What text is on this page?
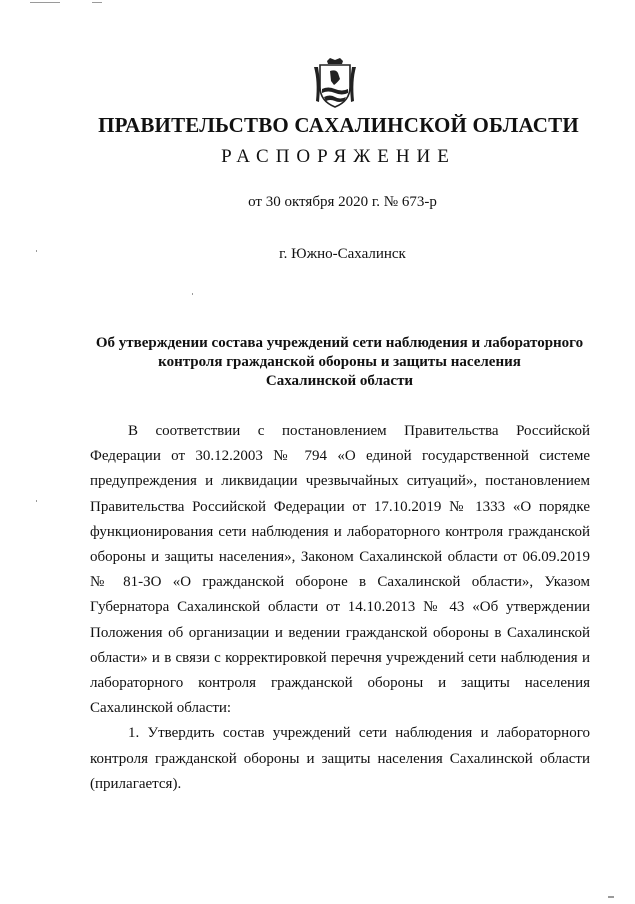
ПРАВИТЕЛЬСТВО САХАЛИНСКОЙ ОБЛАСТИ
РАСПОРЯЖЕНИЕ
от 30 октября 2020 г. № 673-р
г. Южно-Сахалинск
Об утверждении состава учреждений сети наблюдения и лабораторного
контроля гражданской обороны и защиты населения
Сахалинской области

В соответствии с постановлением Правительства Российской Федерации от 30.12.2003 № 794 «О единой государственной системе предупреждения и ликвидации чрезвычайных ситуаций», постановлением Правительства Российской Федерации от 17.10.2019 № 1333 «О порядке функционирования сети наблюдения и лабораторного контроля гражданской обороны и защиты населения», Законом Сахалинской области от 06.09.2019 № 81-ЗО «О гражданской обороне в Сахалинской области», Указом Губернатора Сахалинской области от 14.10.2013 № 43 «Об утверждении Положения об организации и ведении гражданской обороны в Сахалинской области» и в связи с корректировкой перечня учреждений сети наблюдения и лабораторного контроля гражданской обороны и защиты населения Сахалинской области:

1. Утвердить состав учреждений сети наблюдения и лабораторного контроля гражданской обороны и защиты населения Сахалинской области (прилагается).
